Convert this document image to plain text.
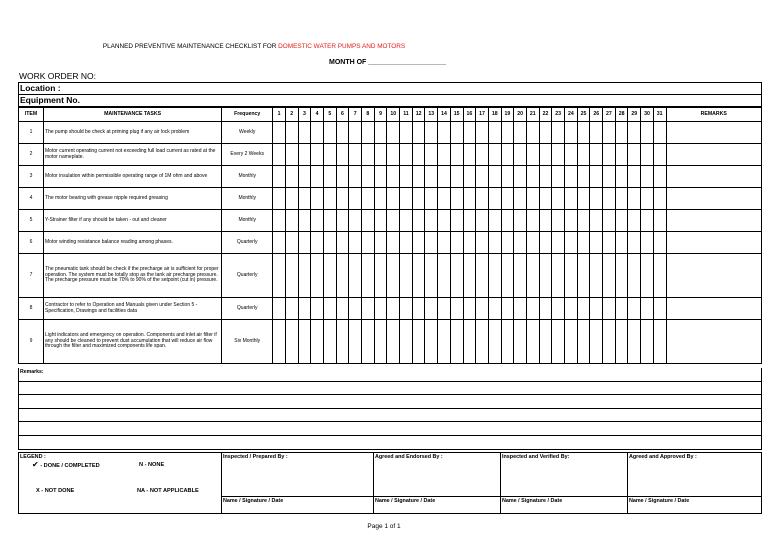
PLANNED PREVENTIVE MAINTENANCE CHECKLIST FOR DOMESTIC WATER PUMPS AND MOTORS
MONTH OF ____________________
WORK ORDER NO:
Location :
Equipment No.
ITEM	MAINTENANCE TASKS	Frequency	1	2	3	4	5	6	7	8	9	10	11	12	13	14	15	16	17	18	19	20	21	22	23	24	25	26	27	28	29	30	31	REMARKS
1	The pump should be check at priming plug if any air lock problem	Weekly																																
2	Motor current operating current not exceeding full load current as rated at the motor nameplate.	Every 2 Weeks																																
3	Motor insulation within permissible operating range of 1M ohm and above	Monthly																																
4	The motor bearing with grease nipple required greasing	Monthly																																
5	Y-Strainer filter if any should be taken - out and cleaner	Monthly																																
6	Motor winding resistance balance reading among phases.	Quarterly																																
7	The pneumatic tank should be check if the precharge air is sufficient for proper operation. The system must be totally stop as the tank air precharge pressure. The precharge pressure must be 70% to 90% of the setpoint (cut in) pressure.	Quarterly																																
8	Contractor to refer to Operation and Manuals given under Section 5 - Specification, Drawings and facilities data	Quarterly																																
9	Light indicators and emergency on operation. Components and inlet air filter if any should be cleaned to prevent dust accumulation that will reduce air flow through the filter and maximized components life span.	Six Monthly																																
Remarks:
LEGEND :
✔ - DONE / COMPLETED	N - NONE
X - NOT DONE	NA - NOT APPLICABLE
Inspected / Prepared By :
Name / Signature / Date
Agreed and Endorsed By :
Name / Signature / Date
Inspected and Verified By:
Name / Signature / Date
Agreed and Approved By :
Name / Signature / Date
Page 1 of 1
